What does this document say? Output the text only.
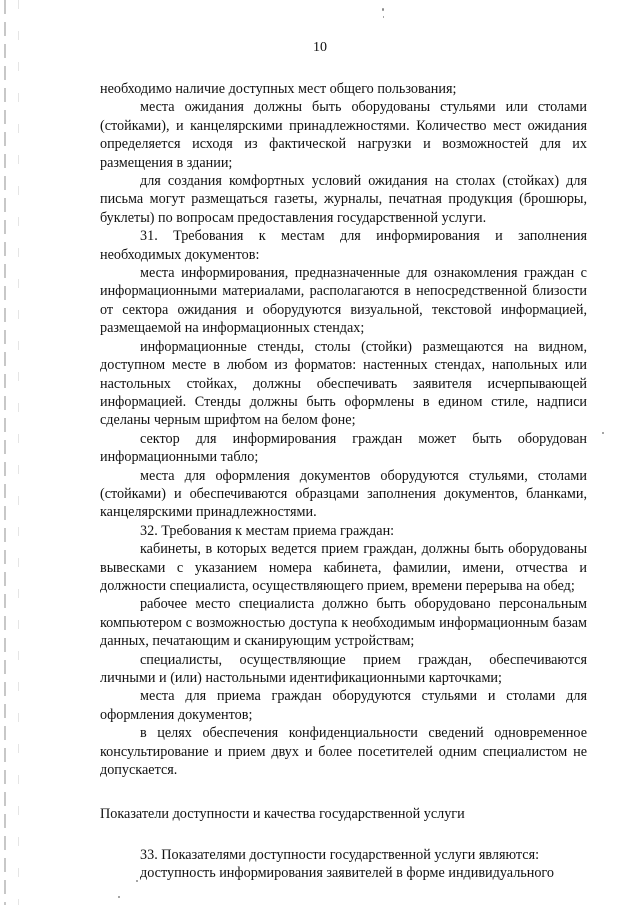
10

необходимо наличие доступных мест общего пользования;

места ожидания должны быть оборудованы стульями или столами (стойками), и канцелярскими принадлежностями. Количество мест ожидания определяется исходя из фактической нагрузки и возможностей для их размещения в здании;

для создания комфортных условий ожидания на столах (стойках) для письма могут размещаться газеты, журналы, печатная продукция (брошюры, буклеты) по вопросам предоставления государственной услуги.

31. Требования к местам для информирования и заполнения необходимых документов:

места информирования, предназначенные для ознакомления граждан с информационными материалами, располагаются в непосредственной близости от сектора ожидания и оборудуются визуальной, текстовой информацией, размещаемой на информационных стендах;

информационные стенды, столы (стойки) размещаются на видном, доступном месте в любом из форматов: настенных стендах, напольных или настольных стойках, должны обеспечивать заявителя исчерпывающей информацией. Стенды должны быть оформлены в едином стиле, надписи сделаны черным шрифтом на белом фоне;

сектор для информирования граждан может быть оборудован информационными табло;

места для оформления документов оборудуются стульями, столами (стойками) и обеспечиваются образцами заполнения документов, бланками, канцелярскими принадлежностями.

32. Требования к местам приема граждан:

кабинеты, в которых ведется прием граждан, должны быть оборудованы вывесками с указанием номера кабинета, фамилии, имени, отчества и должности специалиста, осуществляющего прием, времени перерыва на обед;

рабочее место специалиста должно быть оборудовано персональным компьютером с возможностью доступа к необходимым информационным базам данных, печатающим и сканирующим устройствам;

специалисты, осуществляющие прием граждан, обеспечиваются личными и (или) настольными идентификационными карточками;

места для приема граждан оборудуются стульями и столами для оформления документов;

в целях обеспечения конфиденциальности сведений одновременное консультирование и прием двух и более посетителей одним специалистом не допускается.

Показатели доступности и качества государственной услуги

33. Показателями доступности государственной услуги являются:

доступность информирования заявителей в форме индивидуального
